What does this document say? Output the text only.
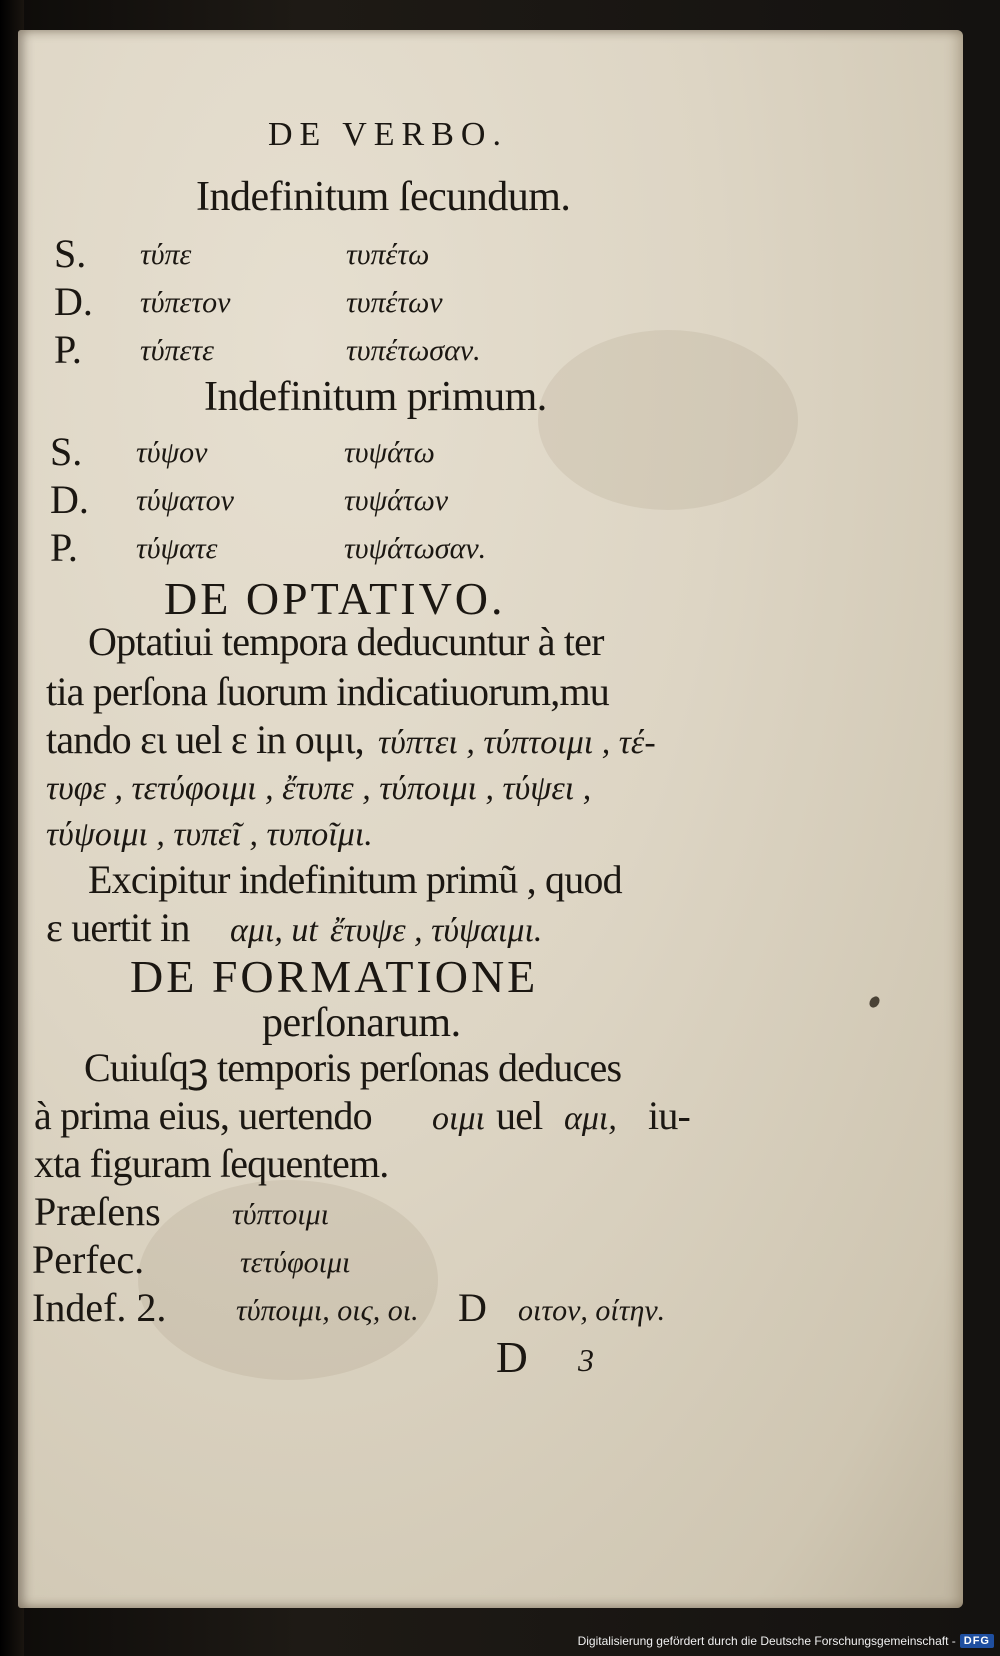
DE VERBO.
Indefinitum ſecundum.
S. τύπε	τυπέτω
D. τύπετον	τυπέτων
P. τύπετε	τυπέτωσαν.
Indefinitum primum.
S. τύψον	τυψάτω
D. τύψατον	τυψάτων
P. τύψατε	τυψάτωσαν.
DE OPTATIVO.
Optatiui tempora deducuntur à ter
tia perſona ſuorum indicatiuorum,mu
tando ει uel ε in οιμι, τύπτει , τύπτοιμι , τέ-
τυφε , τετύφοιμι , ἔτυπε , τύποιμι , τύψει ,
τύψοιμι , τυπεῖ , τυποῖμι.
Excipitur indefinitum primũ , quod
ε uertit in αμι, ut ἔτυψε , τύψαιμι.
DE FORMATIONE
perſonarum.
Cuiuſqꝫ temporis perſonas deduces
à prima eius, uertendo οιμι uel αμι, iu-
xta figuram ſequentem.
Præſens τύπτοιμι
Perfec.	τετύφοιμι
Indef. 2. τύποιμι, οις, οι. D οιτον, οίτην.
D 3
Digitalisierung gefördert durch die Deutsche Forschungsgemeinschaft - DFG
